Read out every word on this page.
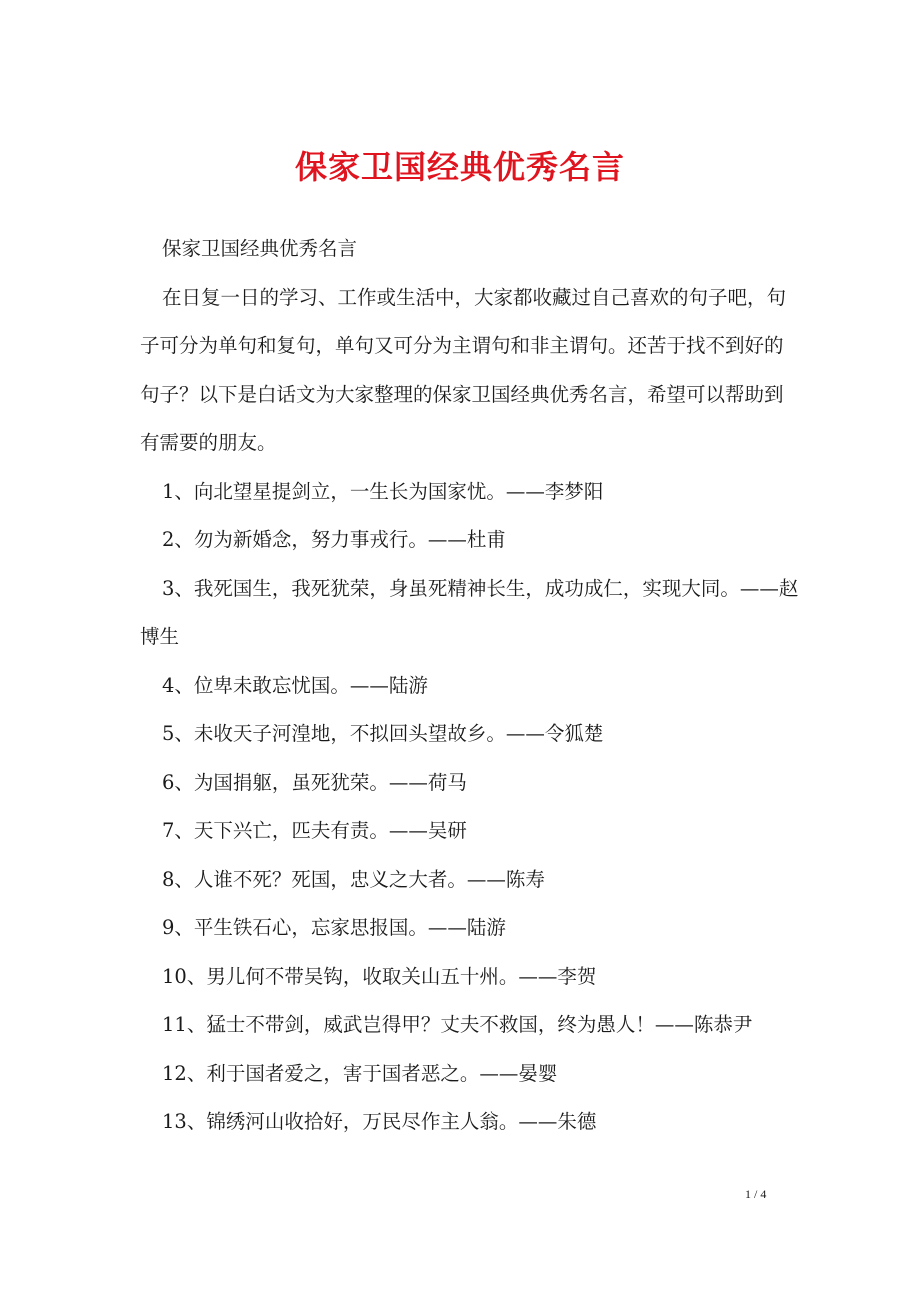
保家卫国经典优秀名言

保家卫国经典优秀名言

在日复一日的学习、工作或生活中，大家都收藏过自己喜欢的句子吧，句子可分为单句和复句，单句又可分为主谓句和非主谓句。还苦于找不到好的句子？以下是白话文为大家整理的保家卫国经典优秀名言，希望可以帮助到有需要的朋友。

1、向北望星提剑立，一生长为国家忧。——李梦阳

2、勿为新婚念，努力事戎行。——杜甫

3、我死国生，我死犹荣，身虽死精神长生，成功成仁，实现大同。——赵博生

4、位卑未敢忘忧国。——陆游

5、未收天子河湟地，不拟回头望故乡。——令狐楚

6、为国捐躯，虽死犹荣。——荷马

7、天下兴亡，匹夫有责。——吴研

8、人谁不死？死国，忠义之大者。——陈寿

9、平生铁石心，忘家思报国。——陆游

10、男儿何不带吴钩，收取关山五十州。——李贺

11、猛士不带剑，威武岂得甲？丈夫不救国，终为愚人！——陈恭尹

12、利于国者爱之，害于国者恶之。——晏婴

13、锦绣河山收拾好，万民尽作主人翁。——朱德

1 / 4
